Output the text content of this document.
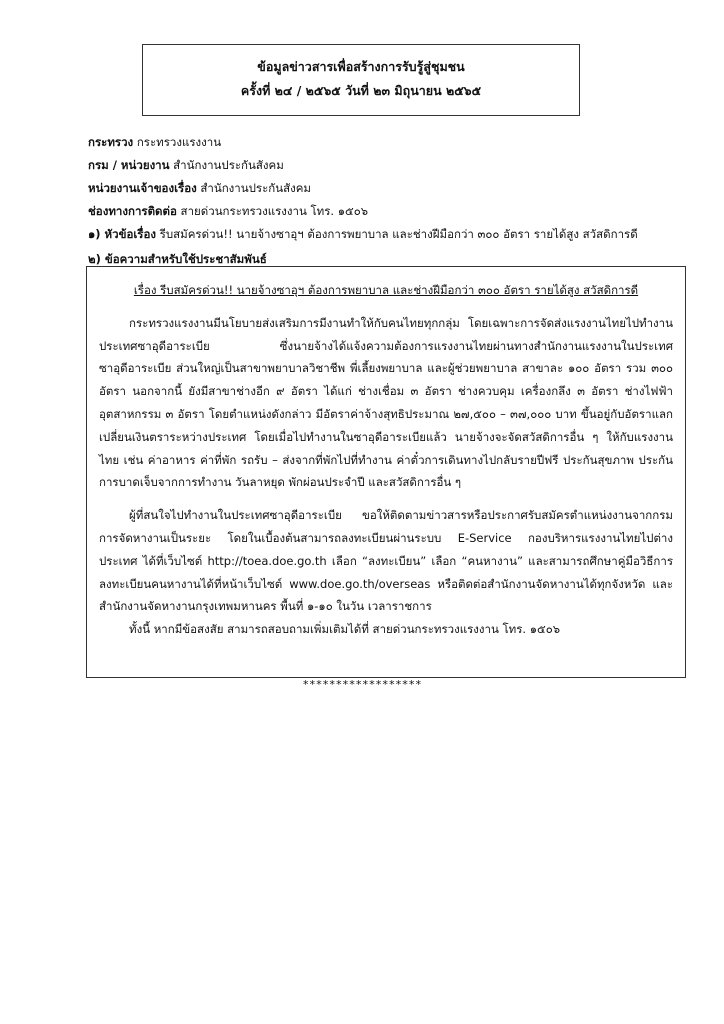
ข้อมูลข่าวสารเพื่อสร้างการรับรู้สู่ชุมชน
ครั้งที่ ๒๔ / ๒๕๖๕ วันที่ ๒๓ มิถุนายน ๒๕๖๕
กระทรวง กระทรวงแรงงาน
กรม / หน่วยงาน สำนักงานประกันสังคม
หน่วยงานเจ้าของเรื่อง สำนักงานประกันสังคม
ช่องทางการติดต่อ สายด่วนกระทรวงแรงงาน โทร. ๑๕๐๖
๑) หัวข้อเรื่อง รีบสมัครด่วน!! นายจ้างซาอุฯ ต้องการพยาบาล และช่างฝีมือกว่า ๓๐๐ อัตรา รายได้สูง สวัสดิการดี
๒) ข้อความสำหรับใช้ประชาสัมพันธ์
เรื่อง รีบสมัครด่วน!! นายจ้างซาอุฯ ต้องการพยาบาล และช่างฝีมือกว่า ๓๐๐ อัตรา รายได้สูง สวัสดิการดี
กระทรวงแรงงานมีนโยบายส่งเสริมการมีงานทำให้กับคนไทยทุกกลุ่ม โดยเฉพาะการจัดส่งแรงงานไทยไปทำงานประเทศซาอุดีอาระเบีย ซึ่งนายจ้างได้แจ้งความต้องการแรงงานไทยผ่านทางสำนักงานแรงงานในประเทศซาอุดีอาระเบีย ส่วนใหญ่เป็นสาขาพยาบาลวิชาชีพ พี่เลี้ยงพยาบาล และผู้ช่วยพยาบาล สาขาละ ๑๐๐ อัตรา รวม ๓๐๐ อัตรา นอกจากนี้ ยังมีสาขาช่างอีก ๙ อัตรา ได้แก่ ช่างเชื่อม ๓ อัตรา ช่างควบคุม เครื่องกลึง ๓ อัตรา ช่างไฟฟ้าอุตสาหกรรม ๓ อัตรา โดยตำแหน่งดังกล่าว มีอัตราค่าจ้างสุทธิประมาณ ๒๗,๕๐๐ – ๓๗,๐๐๐ บาท ขึ้นอยู่กับอัตราแลกเปลี่ยนเงินตราระหว่างประเทศ โดยเมื่อไปทำงานในซาอุดีอาระเบียแล้ว นายจ้างจะจัดสวัสดิการอื่น ๆ ให้กับแรงงานไทย เช่น ค่าอาหาร ค่าที่พัก รถรับ – ส่งจากที่พักไปที่ทำงาน ค่าตั๋วการเดินทางไปกลับรายปีฟรี ประกันสุขภาพ ประกันการบาดเจ็บจากการทำงาน วันลาหยุด พักผ่อนประจำปี และสวัสดิการอื่น ๆ
ผู้ที่สนใจไปทำงานในประเทศซาอุดีอาระเบีย ขอให้ติดตามข่าวสารหรือประกาศรับสมัครตำแหน่งงานจากกรมการจัดหางานเป็นระยะ โดยในเบื้องต้นสามารถลงทะเบียนผ่านระบบ E-Service กองบริหารแรงงานไทยไปต่างประเทศ ได้ที่เว็บไซต์ http://toea.doe.go.th เลือก “ลงทะเบียน” เลือก “คนหางาน” และสามารถศึกษาคู่มือวิธีการลงทะเบียนคนหางานได้ที่หน้าเว็บไซต์ www.doe.go.th/overseas หรือติดต่อสำนักงานจัดหางานได้ทุกจังหวัด และสำนักงานจัดหางานกรุงเทพมหานคร พื้นที่ ๑-๑๐ ในวัน เวลาราชการ
ทั้งนี้ หากมีข้อสงสัย สามารถสอบถามเพิ่มเติมได้ที่ สายด่วนกระทรวงแรงงาน โทร. ๑๕๐๖
******************
